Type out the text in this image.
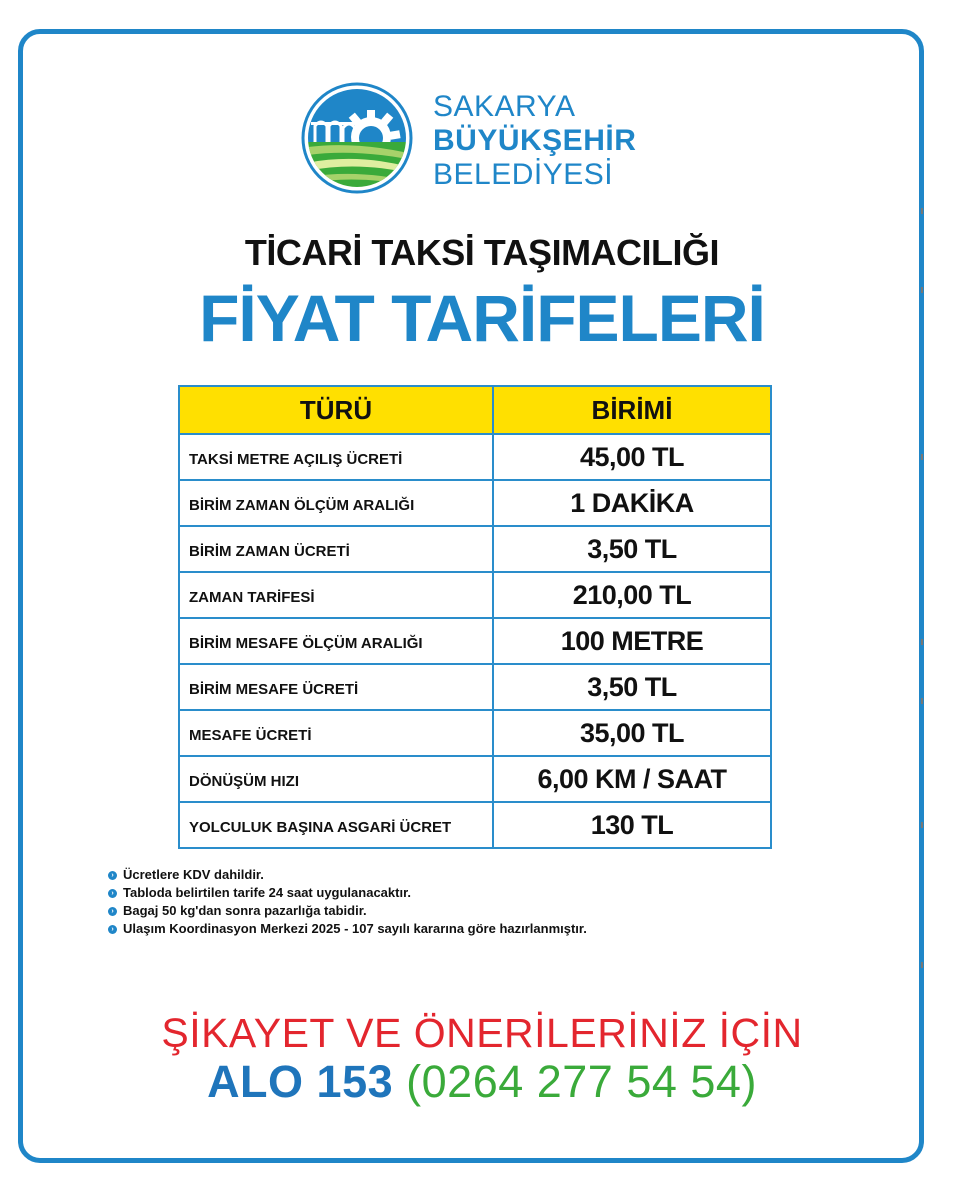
SAKARYA
BÜYÜKŞEHİR
BELEDİYESİ
TİCARİ TAKSİ TAŞIMACILIĞI
FİYAT TARİFELERİ
TÜRÜ	BİRİMİ
TAKSİ METRE AÇILIŞ ÜCRETİ	45,00 TL
BİRİM ZAMAN ÖLÇÜM ARALIĞI	1 DAKİKA
BİRİM ZAMAN ÜCRETİ	3,50 TL
ZAMAN TARİFESİ	210,00 TL
BİRİM MESAFE ÖLÇÜM ARALIĞI	100 METRE
BİRİM MESAFE ÜCRETİ	3,50 TL
MESAFE ÜCRETİ	35,00 TL
DÖNÜŞÜM HIZI	6,00 KM / SAAT
YOLCULUK BAŞINA ASGARİ ÜCRET	130 TL
› Ücretlere KDV dahildir.
› Tabloda belirtilen tarife 24 saat uygulanacaktır.
› Bagaj 50 kg'dan sonra pazarlığa tabidir.
› Ulaşım Koordinasyon Merkezi 2025 - 107 sayılı kararına göre hazırlanmıştır.
ŞİKAYET VE ÖNERİLERİNİZ İÇİN
ALO 153 (0264 277 54 54)
